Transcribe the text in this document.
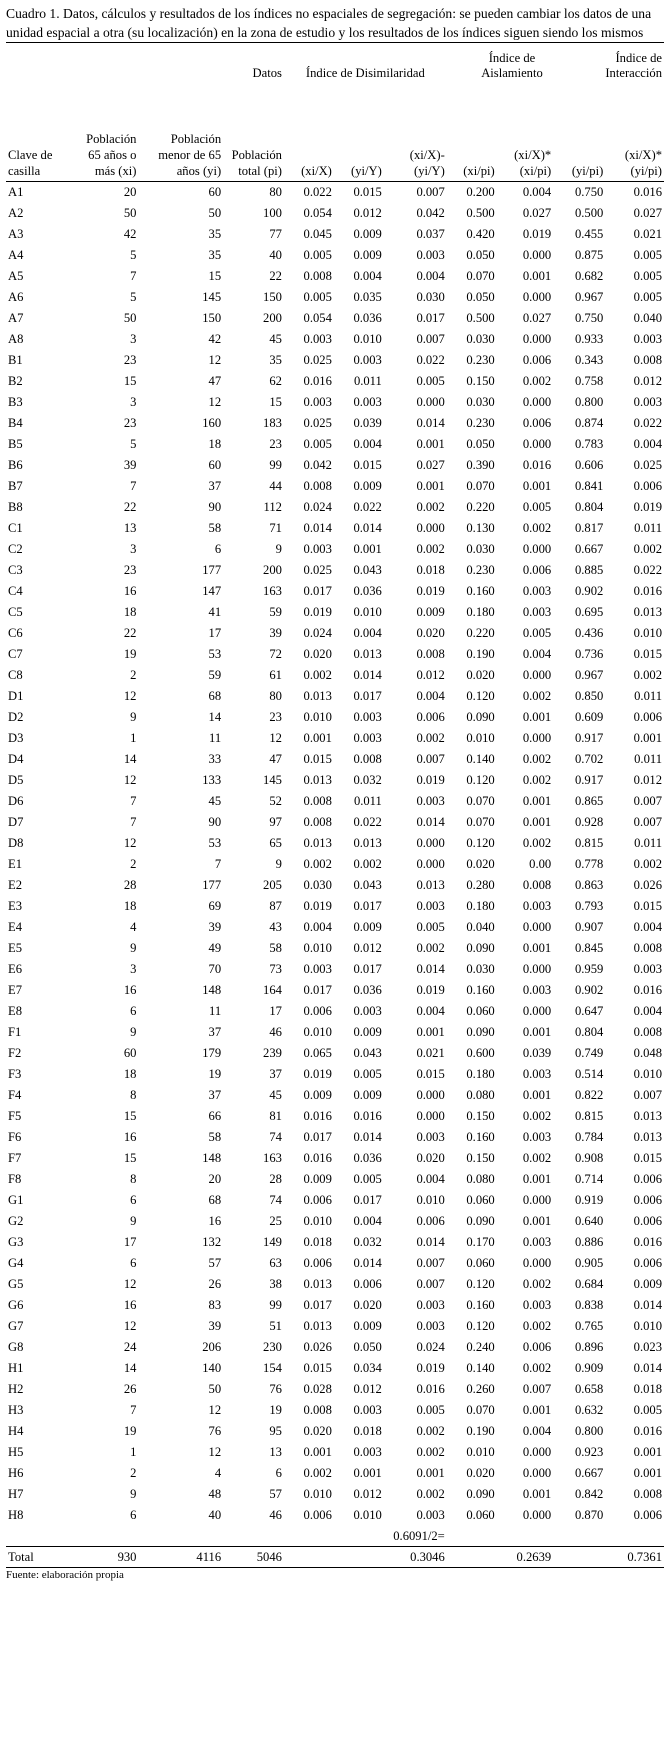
Cuadro 1. Datos, cálculos y resultados de los índices no espaciales de segregación: se pueden cambiar los datos de una unidad espacial a otra (su localización) en la zona de estudio y los resultados de los índices siguen siendo los mismos
			Datos	Índice de Disimilaridad			Índice de Aislamiento		Índice de Interacción	
Clave de casilla	Población 65 años o más (xi)	Población menor de 65 años (yi)	Población total (pi)	(xi/X)	(yi/Y)	(xi/X)- (yi/Y)	(xi/pi)	(xi/X)* (xi/pi)	(yi/pi)	(xi/X)* (yi/pi)
A1	20	60	80	0.022	0.015	0.007	0.200	0.004	0.750	0.016
A2	50	50	100	0.054	0.012	0.042	0.500	0.027	0.500	0.027
A3	42	35	77	0.045	0.009	0.037	0.420	0.019	0.455	0.021
A4	5	35	40	0.005	0.009	0.003	0.050	0.000	0.875	0.005
A5	7	15	22	0.008	0.004	0.004	0.070	0.001	0.682	0.005
A6	5	145	150	0.005	0.035	0.030	0.050	0.000	0.967	0.005
A7	50	150	200	0.054	0.036	0.017	0.500	0.027	0.750	0.040
A8	3	42	45	0.003	0.010	0.007	0.030	0.000	0.933	0.003
B1	23	12	35	0.025	0.003	0.022	0.230	0.006	0.343	0.008
B2	15	47	62	0.016	0.011	0.005	0.150	0.002	0.758	0.012
B3	3	12	15	0.003	0.003	0.000	0.030	0.000	0.800	0.003
B4	23	160	183	0.025	0.039	0.014	0.230	0.006	0.874	0.022
B5	5	18	23	0.005	0.004	0.001	0.050	0.000	0.783	0.004
B6	39	60	99	0.042	0.015	0.027	0.390	0.016	0.606	0.025
B7	7	37	44	0.008	0.009	0.001	0.070	0.001	0.841	0.006
B8	22	90	112	0.024	0.022	0.002	0.220	0.005	0.804	0.019
C1	13	58	71	0.014	0.014	0.000	0.130	0.002	0.817	0.011
C2	3	6	9	0.003	0.001	0.002	0.030	0.000	0.667	0.002
C3	23	177	200	0.025	0.043	0.018	0.230	0.006	0.885	0.022
C4	16	147	163	0.017	0.036	0.019	0.160	0.003	0.902	0.016
C5	18	41	59	0.019	0.010	0.009	0.180	0.003	0.695	0.013
C6	22	17	39	0.024	0.004	0.020	0.220	0.005	0.436	0.010
C7	19	53	72	0.020	0.013	0.008	0.190	0.004	0.736	0.015
C8	2	59	61	0.002	0.014	0.012	0.020	0.000	0.967	0.002
D1	12	68	80	0.013	0.017	0.004	0.120	0.002	0.850	0.011
D2	9	14	23	0.010	0.003	0.006	0.090	0.001	0.609	0.006
D3	1	11	12	0.001	0.003	0.002	0.010	0.000	0.917	0.001
D4	14	33	47	0.015	0.008	0.007	0.140	0.002	0.702	0.011
D5	12	133	145	0.013	0.032	0.019	0.120	0.002	0.917	0.012
D6	7	45	52	0.008	0.011	0.003	0.070	0.001	0.865	0.007
D7	7	90	97	0.008	0.022	0.014	0.070	0.001	0.928	0.007
D8	12	53	65	0.013	0.013	0.000	0.120	0.002	0.815	0.011
E1	2	7	9	0.002	0.002	0.000	0.020	0.00	0.778	0.002
E2	28	177	205	0.030	0.043	0.013	0.280	0.008	0.863	0.026
E3	18	69	87	0.019	0.017	0.003	0.180	0.003	0.793	0.015
E4	4	39	43	0.004	0.009	0.005	0.040	0.000	0.907	0.004
E5	9	49	58	0.010	0.012	0.002	0.090	0.001	0.845	0.008
E6	3	70	73	0.003	0.017	0.014	0.030	0.000	0.959	0.003
E7	16	148	164	0.017	0.036	0.019	0.160	0.003	0.902	0.016
E8	6	11	17	0.006	0.003	0.004	0.060	0.000	0.647	0.004
F1	9	37	46	0.010	0.009	0.001	0.090	0.001	0.804	0.008
F2	60	179	239	0.065	0.043	0.021	0.600	0.039	0.749	0.048
F3	18	19	37	0.019	0.005	0.015	0.180	0.003	0.514	0.010
F4	8	37	45	0.009	0.009	0.000	0.080	0.001	0.822	0.007
F5	15	66	81	0.016	0.016	0.000	0.150	0.002	0.815	0.013
F6	16	58	74	0.017	0.014	0.003	0.160	0.003	0.784	0.013
F7	15	148	163	0.016	0.036	0.020	0.150	0.002	0.908	0.015
F8	8	20	28	0.009	0.005	0.004	0.080	0.001	0.714	0.006
G1	6	68	74	0.006	0.017	0.010	0.060	0.000	0.919	0.006
G2	9	16	25	0.010	0.004	0.006	0.090	0.001	0.640	0.006
G3	17	132	149	0.018	0.032	0.014	0.170	0.003	0.886	0.016
G4	6	57	63	0.006	0.014	0.007	0.060	0.000	0.905	0.006
G5	12	26	38	0.013	0.006	0.007	0.120	0.002	0.684	0.009
G6	16	83	99	0.017	0.020	0.003	0.160	0.003	0.838	0.014
G7	12	39	51	0.013	0.009	0.003	0.120	0.002	0.765	0.010
G8	24	206	230	0.026	0.050	0.024	0.240	0.006	0.896	0.023
H1	14	140	154	0.015	0.034	0.019	0.140	0.002	0.909	0.014
H2	26	50	76	0.028	0.012	0.016	0.260	0.007	0.658	0.018
H3	7	12	19	0.008	0.003	0.005	0.070	0.001	0.632	0.005
H4	19	76	95	0.020	0.018	0.002	0.190	0.004	0.800	0.016
H5	1	12	13	0.001	0.003	0.002	0.010	0.000	0.923	0.001
H6	2	4	6	0.002	0.001	0.001	0.020	0.000	0.667	0.001
H7	9	48	57	0.010	0.012	0.002	0.090	0.001	0.842	0.008
H8	6	40	46	0.006	0.010	0.003	0.060	0.000	0.870	0.006
						0.6091/2=				
Total	930	4116	5046			0.3046		0.2639		0.7361
Fuente: elaboración propia
